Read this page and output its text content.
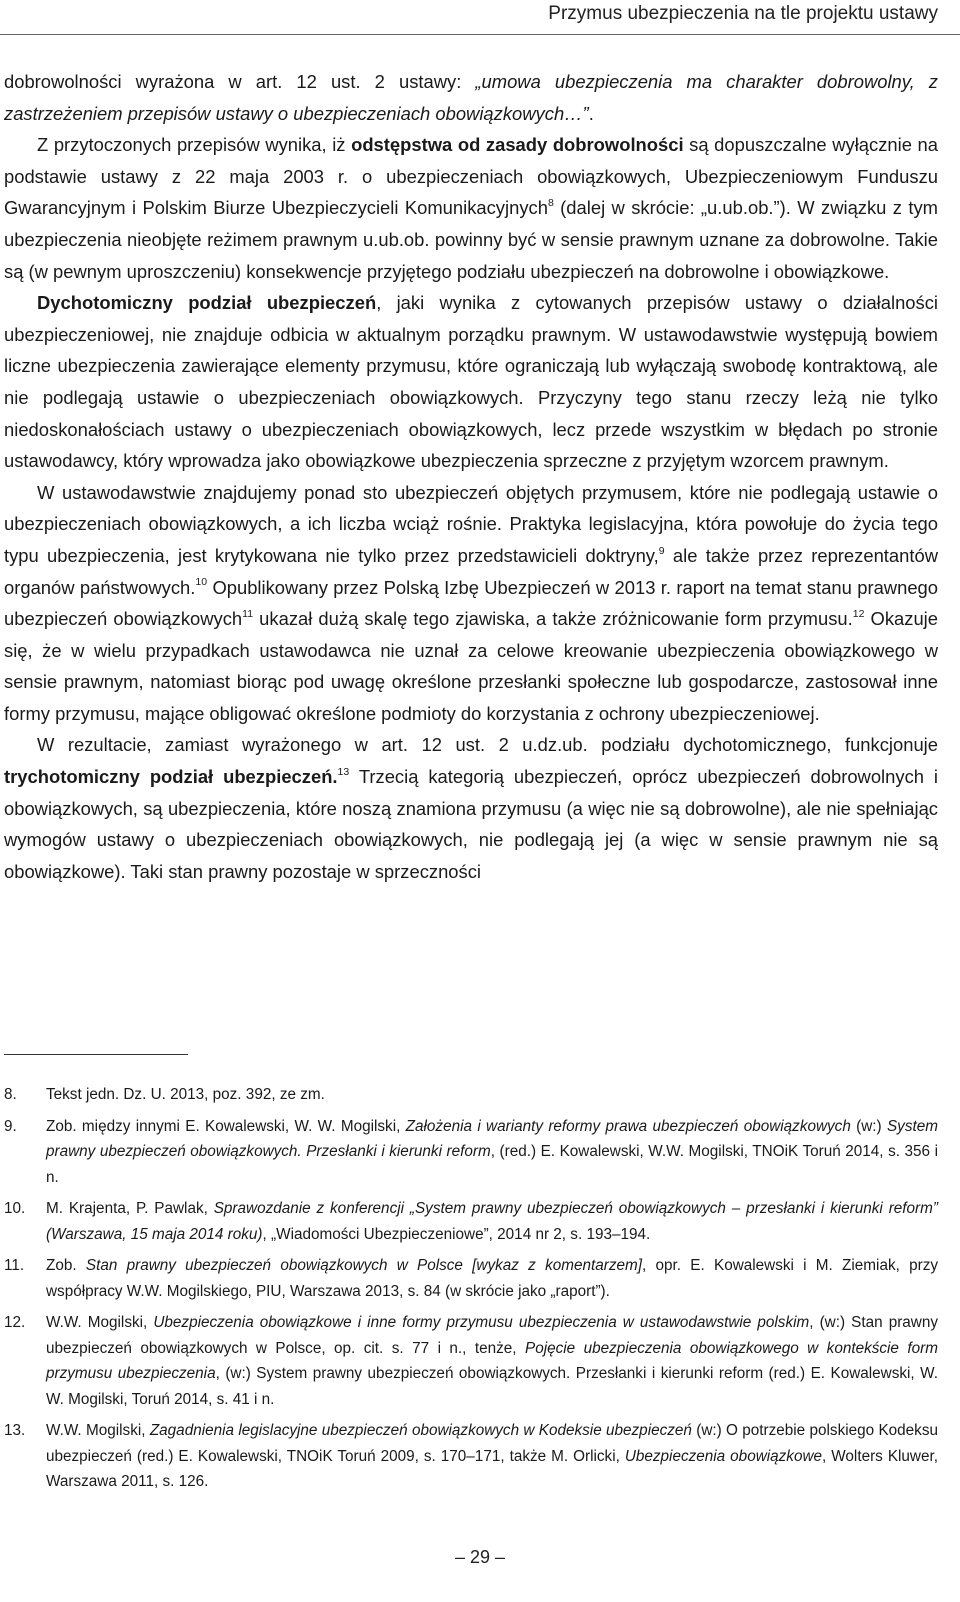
Przymus ubezpieczenia na tle projektu ustawy

dobrowolności wyrażona w art. 12 ust. 2 ustawy: „umowa ubezpieczenia ma charakter dobrowolny, z zastrzeżeniem przepisów ustawy o ubezpieczeniach obowiązkowych…”.

Z przytoczonych przepisów wynika, iż odstępstwa od zasady dobrowolności są dopuszczalne wyłącznie na podstawie ustawy z 22 maja 2003 r. o ubezpieczeniach obowiązkowych, Ubezpieczeniowym Funduszu Gwarancyjnym i Polskim Biurze Ubezpieczycieli Komunikacyjnych$^8$ (dalej w skrócie: „u.ub.ob.”). W związku z tym ubezpieczenia nieobjęte reżimem prawnym u.ub.ob. powinny być w sensie prawnym uznane za dobrowolne. Takie są (w pewnym uproszczeniu) konsekwencje przyjętego podziału ubezpieczeń na dobrowolne i obowiązkowe.

Dychotomiczny podział ubezpieczeń, jaki wynika z cytowanych przepisów ustawy o działalności ubezpieczeniowej, nie znajduje odbicia w aktualnym porządku prawnym. W ustawodawstwie występują bowiem liczne ubezpieczenia zawierające elementy przymusu, które ograniczają lub wyłączają swobodę kontraktową, ale nie podlegają ustawie o ubezpieczeniach obowiązkowych. Przyczyny tego stanu rzeczy leżą nie tylko niedoskonałościach ustawy o ubezpieczeniach obowiązkowych, lecz przede wszystkim w błędach po stronie ustawodawcy, który wprowadza jako obowiązkowe ubezpieczenia sprzeczne z przyjętym wzorcem prawnym.

W ustawodawstwie znajdujemy ponad sto ubezpieczeń objętych przymusem, które nie podlegają ustawie o ubezpieczeniach obowiązkowych, a ich liczba wciąż rośnie. Praktyka legislacyjna, która powołuje do życia tego typu ubezpieczenia, jest krytykowana nie tylko przez przedstawicieli doktryny,$^9$ ale także przez reprezentantów organów państwowych.$^{10}$ Opublikowany przez Polską Izbę Ubezpieczeń w 2013 r. raport na temat stanu prawnego ubezpieczeń obowiązkowych$^{11}$ ukazał dużą skalę tego zjawiska, a także zróżnicowanie form przymusu.$^{12}$ Okazuje się, że w wielu przypadkach ustawodawca nie uznał za celowe kreowanie ubezpieczenia obowiązkowego w sensie prawnym, natomiast biorąc pod uwagę określone przesłanki społeczne lub gospodarcze, zastosował inne formy przymusu, mające obligować określone podmioty do korzystania z ochrony ubezpieczeniowej.

W rezultacie, zamiast wyrażonego w art. 12 ust. 2 u.dz.ub. podziału dychotomicznego, funkcjonuje trychotomiczny podział ubezpieczeń.$^{13}$ Trzecią kategorią ubezpieczeń, oprócz ubezpieczeń dobrowolnych i obowiązkowych, są ubezpieczenia, które noszą znamiona przymusu (a więc nie są dobrowolne), ale nie spełniając wymogów ustawy o ubezpieczeniach obowiązkowych, nie podlegają jej (a więc w sensie prawnym nie są obowiązkowe). Taki stan prawny pozostaje w sprzeczności

8.	Tekst jedn. Dz. U. 2013, poz. 392, ze zm.
9.	Zob. między innymi E. Kowalewski, W. W. Mogilski, Założenia i warianty reformy prawa ubezpieczeń obowiązkowych (w:) System prawny ubezpieczeń obowiązkowych. Przesłanki i kierunki reform, (red.) E. Kowalewski, W.W. Mogilski, TNOiK Toruń 2014, s. 356 i n.
10.	M. Krajenta, P. Pawlak, Sprawozdanie z konferencji „System prawny ubezpieczeń obowiązkowych – przesłanki i kierunki reform” (Warszawa, 15 maja 2014 roku), „Wiadomości Ubezpieczeniowe”, 2014 nr 2, s. 193–194.
11.	Zob. Stan prawny ubezpieczeń obowiązkowych w Polsce [wykaz z komentarzem], opr. E. Kowalewski i M. Ziemiak, przy współpracy W.W. Mogilskiego, PIU, Warszawa 2013, s. 84 (w skrócie jako „raport”).
12.	W.W. Mogilski, Ubezpieczenia obowiązkowe i inne formy przymusu ubezpieczenia w ustawodawstwie polskim, (w:) Stan prawny ubezpieczeń obowiązkowych w Polsce, op. cit. s. 77 i n., tenże, Pojęcie ubezpieczenia obowiązkowego w kontekście form przymusu ubezpieczenia, (w:) System prawny ubezpieczeń obowiązkowych. Przesłanki i kierunki reform (red.) E. Kowalewski, W. W. Mogilski, Toruń 2014, s. 41 i n.
13.	W.W. Mogilski, Zagadnienia legislacyjne ubezpieczeń obowiązkowych w Kodeksie ubezpieczeń (w:) O potrzebie polskiego Kodeksu ubezpieczeń (red.) E. Kowalewski, TNOiK Toruń 2009, s. 170–171, także M. Orlicki, Ubezpieczenia obowiązkowe, Wolters Kluwer, Warszawa 2011, s. 126.
– 29 –
